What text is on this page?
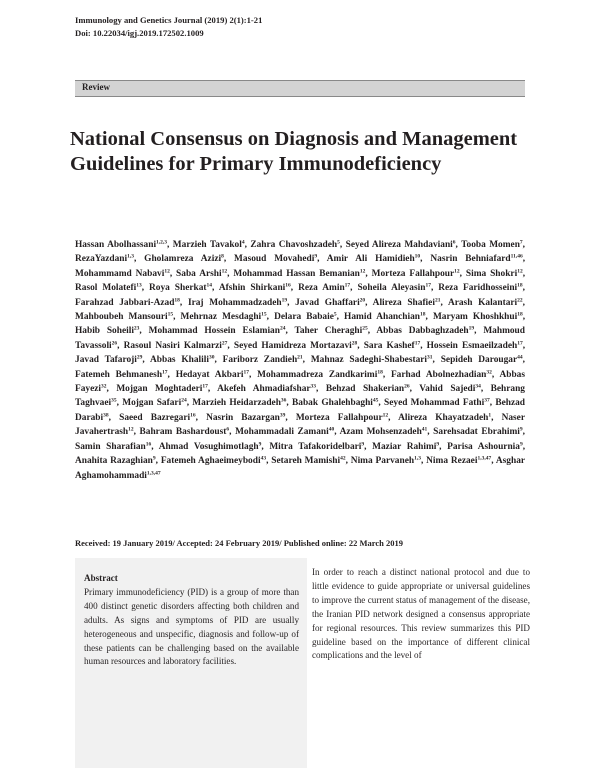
Immunology and Genetics Journal (2019) 2(1):1-21
Doi: 10.22034/igj.2019.172502.1009
Review
National Consensus on Diagnosis and Management Guidelines for Primary Immunodeficiency
Hassan Abolhassani$^{1,2,3}$, Marzieh Tavakol$^4$, Zahra Chavoshzadeh$^5$, Seyed Alireza Mahdaviani$^6$, Tooba Momen$^7$, RezaYazdani$^{1,3}$, Gholamreza Azizi$^8$, Masoud Movahedi$^9$, Amir Ali Hamidieh$^{10}$, Nasrin Behniafard$^{11,46}$, Mohammamd Nabavi$^{12}$, Saba Arshi$^{12}$, Mohammad Hassan Bemanian$^{12}$, Morteza Fallahpour$^{12}$, Sima Shokri$^{12}$, Rasol Molatefi$^{13}$, Roya Sherkat$^{14}$, Afshin Shirkani$^{16}$, Reza Amin$^{17}$, Soheila Aleyasin$^{17}$, Reza Faridhosseini$^{18}$, Farahzad Jabbari-Azad$^{18}$, Iraj Mohammadzadeh$^{19}$, Javad Ghaffari$^{20}$, Alireza Shafiei$^{21}$, Arash Kalantari$^{22}$, Mahboubeh Mansouri$^{15}$, Mehrnaz Mesdaghi$^{15}$, Delara Babaie$^5$, Hamid Ahanchian$^{18}$, Maryam Khoshkhui$^{18}$, Habib Soheili$^{23}$, Mohammad Hossein Eslamian$^{24}$, Taher Cheraghi$^{25}$, Abbas Dabbaghzadeh$^{19}$, Mahmoud Tavassoli$^{26}$, Rasoul Nasiri Kalmarzi$^{27}$, Seyed Hamidreza Mortazavi$^{28}$, Sara Kashef$^{17}$, Hossein Esmaeilzadeh$^{17}$, Javad Tafaroji$^{29}$, Abbas Khalili$^{30}$, Fariborz Zandieh$^{21}$, Mahnaz Sadeghi-Shabestari$^{31}$, Sepideh Darougar$^{44}$, Fatemeh Behmanesh$^{17}$, Hedayat Akbari$^{17}$, Mohammadreza Zandkarimi$^{18}$, Farhad Abolnezhadian$^{32}$, Abbas Fayezi$^{32}$, Mojgan Moghtaderi$^{17}$, Akefeh Ahmadiafshar$^{33}$, Behzad Shakerian$^{26}$, Vahid Sajedi$^{34}$, Behrang Taghvaei$^{35}$, Mojgan Safari$^{24}$, Marzieh Heidarzadeh$^{36}$, Babak Ghalehbaghi$^{45}$, Seyed Mohammad Fathi$^{37}$, Behzad Darabi$^{38}$, Saeed Bazregari$^{16}$, Nasrin Bazargan$^{39}$, Morteza Fallahpour$^{12}$, Alireza Khayatzadeh$^1$, Naser Javahertrash$^{12}$, Bahram Bashardoust$^6$, Mohammadali Zamani$^{40}$, Azam Mohsenzadeh$^{41}$, Sarehsadat Ebrahimi$^9$, Samin Sharafian$^{16}$, Ahmad Vosughimotlagh$^9$, Mitra Tafakoridelbari$^9$, Maziar Rahimi$^9$, Parisa Ashournia$^9$, Anahita Razaghian$^9$, Fatemeh Aghaeimeybodi$^{43}$, Setareh Mamishi$^{42}$, Nima Parvaneh$^{1,3}$, Nima Rezaei$^{1,3,47}$, Asghar Aghamohammadi$^{1,3,47}$
Received: 19 January 2019/ Accepted: 24 February 2019/ Published online: 22 March 2019
Abstract
Primary immunodeficiency (PID) is a group of more than 400 distinct genetic disorders affecting both children and adults. As signs and symptoms of PID are usually heterogeneous and unspecific, diagnosis and follow-up of these patients can be challenging based on the available human resources and laboratory facilities.
In order to reach a distinct national protocol and due to little evidence to guide appropriate or universal guidelines to improve the current status of management of the disease, the Iranian PID network designed a consensus appropriate for regional resources. This review summarizes this PID guideline based on the importance of different clinical complications and the level of
